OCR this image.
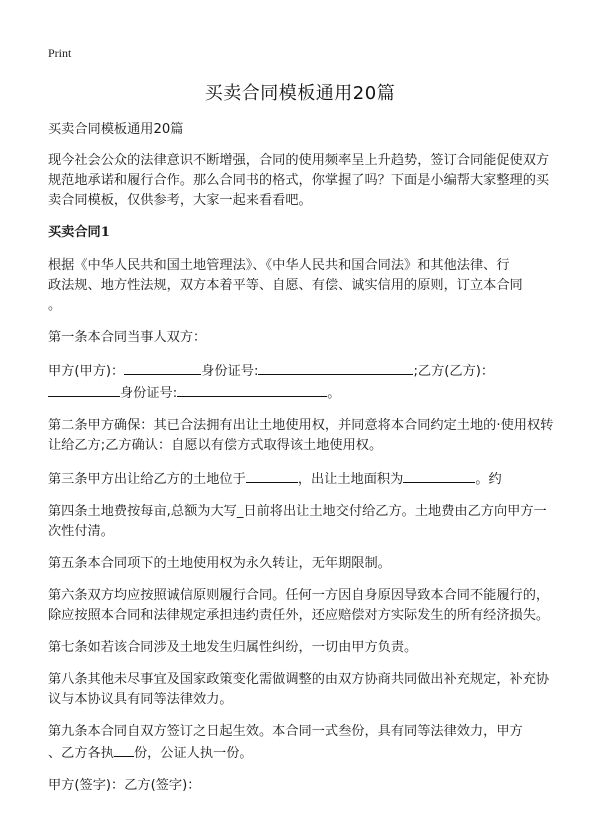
Print
买卖合同模板通用20篇

买卖合同模板通用20篇

现今社会公众的法律意识不断增强，合同的使用频率呈上升趋势，签订合同能促使双方规范地承诺和履行合作。那么合同书的格式，你掌握了吗？下面是小编帮大家整理的买卖合同模板，仅供参考，大家一起来看看吧。

买卖合同1

根据《中华人民共和国土地管理法》、《中华人民共和国合同法》和其他法律、行
政法规、地方性法规，双方本着平等、自愿、有偿、诚实信用的原则，订立本合同
。

第一条本合同当事人双方：

甲方(甲方)：	身份证号:	;乙方(乙方)：
身份证号:	。

第二条甲方确保：其已合法拥有出让土地使用权，并同意将本合同约定土地的·使用权转让给乙方;乙方确认：自愿以有偿方式取得该土地使用权。

第三条甲方出让给乙方的土地位于	，出让土地面积为	。约

第四条土地费按每亩,总额为大写_日前将出让土地交付给乙方。土地费由乙方向甲方一次性付清。

第五条本合同项下的土地使用权为永久转让，无年期限制。

第六条双方均应按照诚信原则履行合同。任何一方因自身原因导致本合同不能履行的，除应按照本合同和法律规定承担违约责任外，还应赔偿对方实际发生的所有经济损失。

第七条如若该合同涉及土地发生归属性纠纷，一切由甲方负责。

第八条其他未尽事宜及国家政策变化需做调整的由双方协商共同做出补充规定，补充协议与本协议具有同等法律效力。

第九条本合同自双方签订之日起生效。本合同一式叁份，具有同等法律效力，甲方
、乙方各执 份，公证人执一份。

甲方(签字)：乙方(签字)：
